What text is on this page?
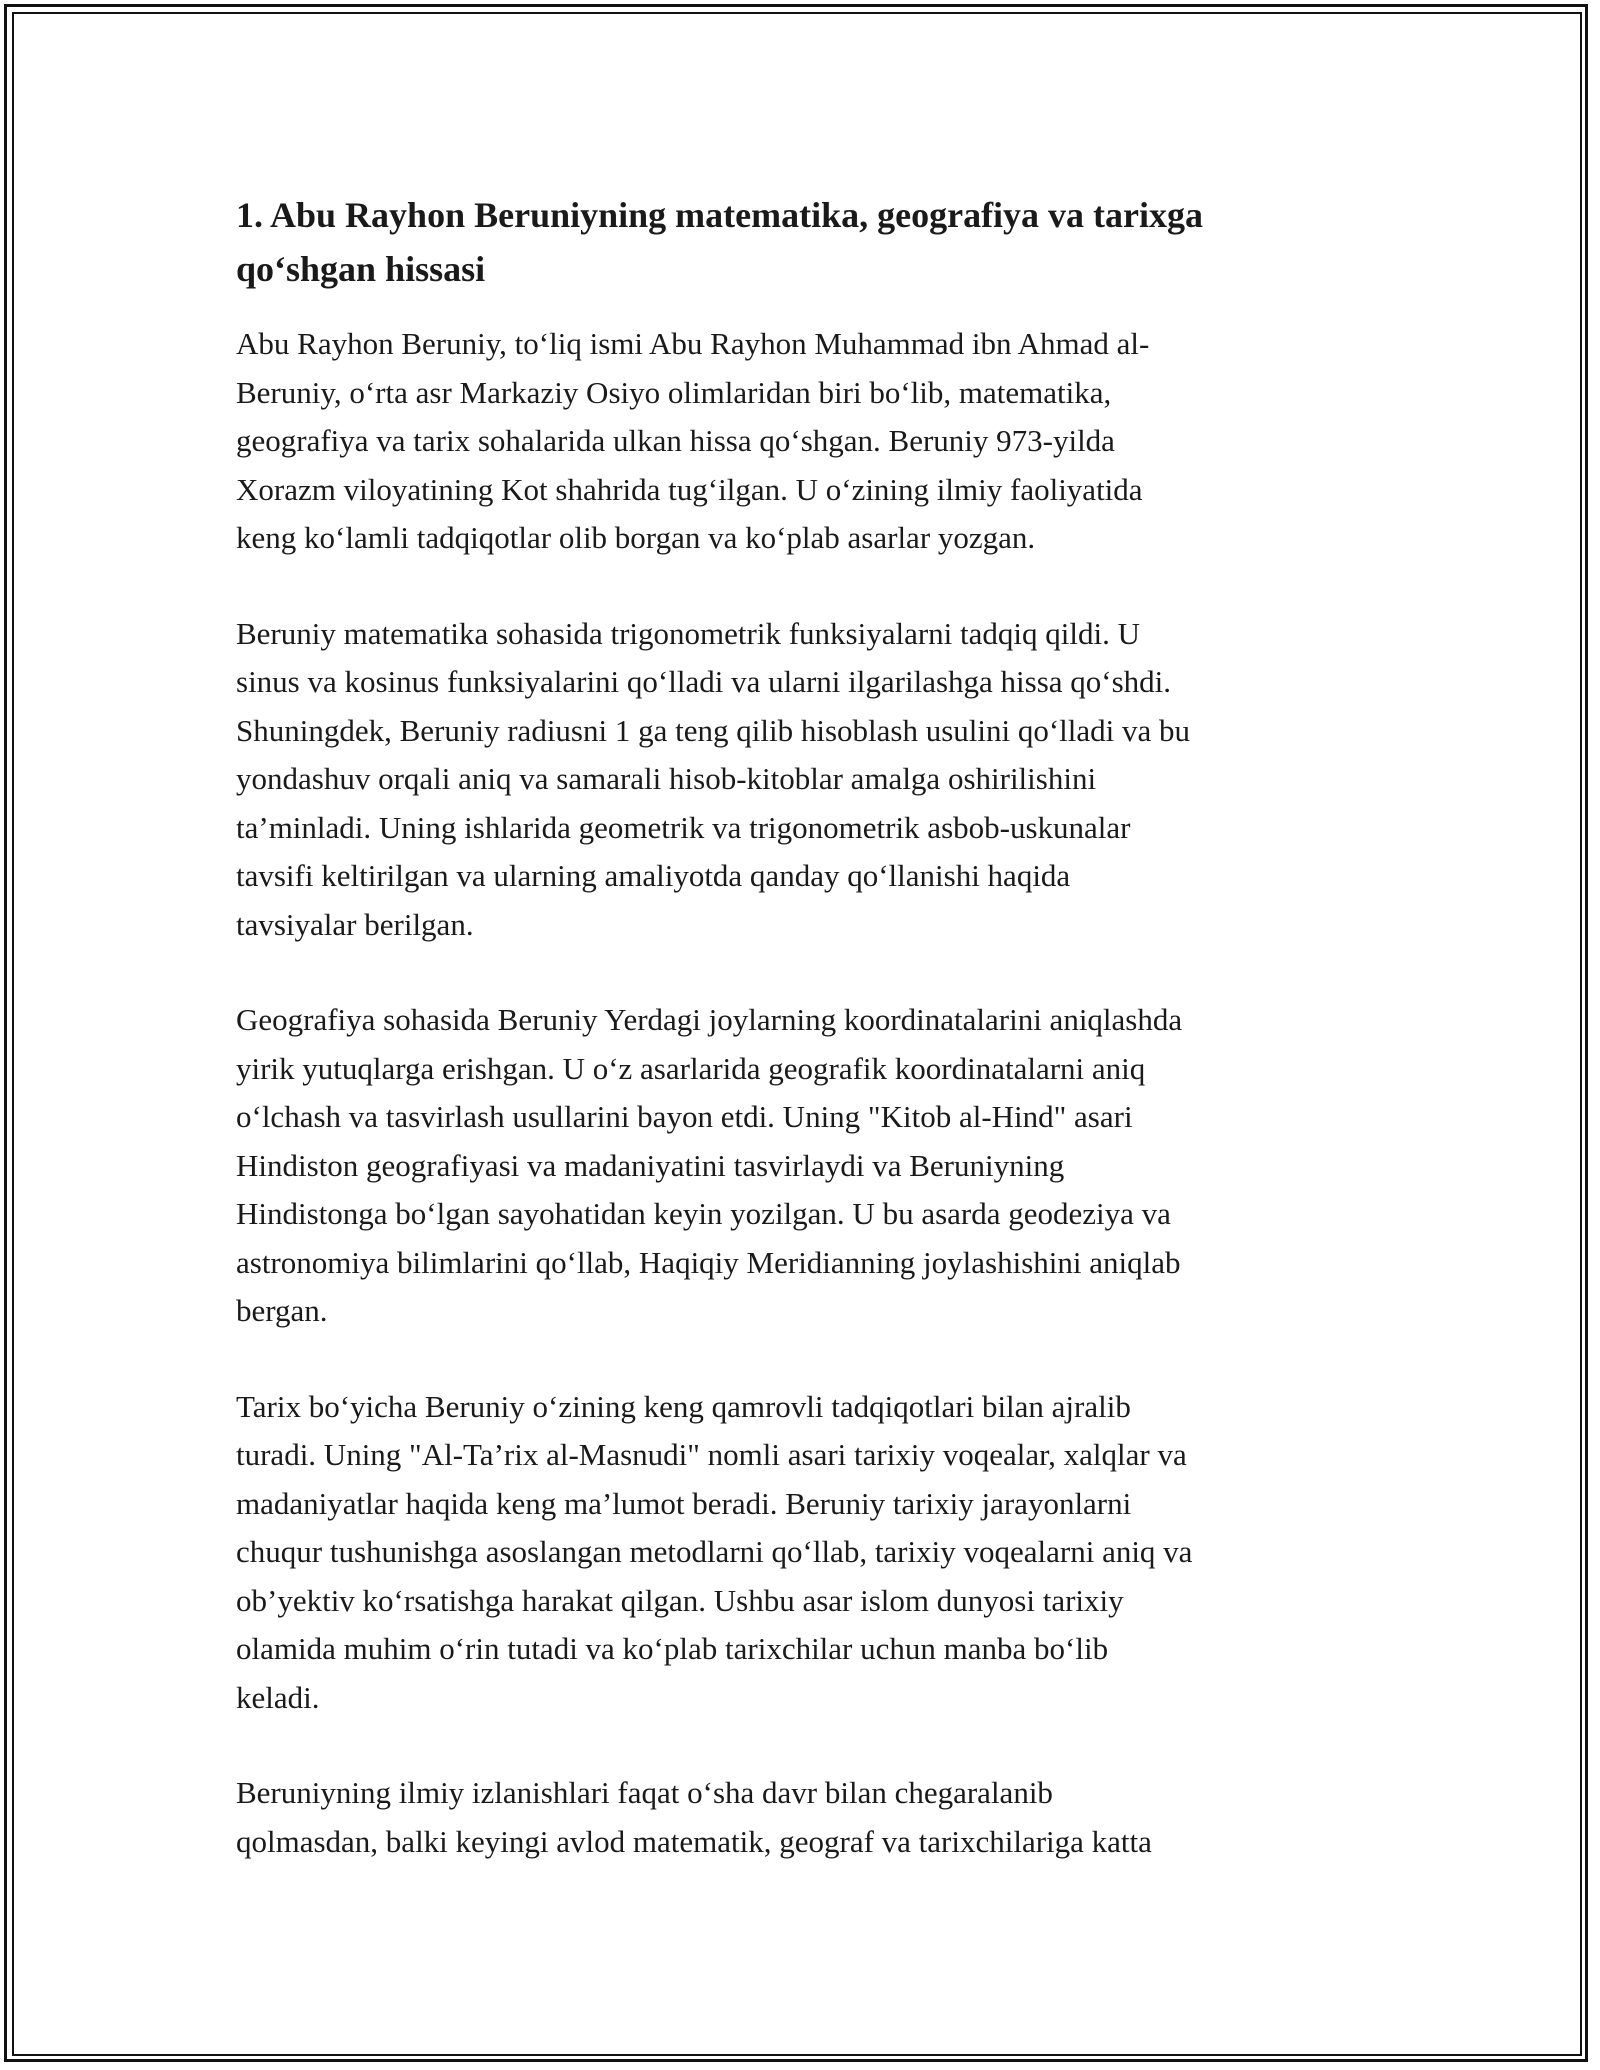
1. Abu Rayhon Beruniyning matematika, geografiya va tarixga
qo‘shgan hissasi

Abu Rayhon Beruniy, to‘liq ismi Abu Rayhon Muhammad ibn Ahmad al-
Beruniy, o‘rta asr Markaziy Osiyo olimlaridan biri bo‘lib, matematika,
geografiya va tarix sohalarida ulkan hissa qo‘shgan. Beruniy 973-yilda
Xorazm viloyatining Kot shahrida tug‘ilgan. U o‘zining ilmiy faoliyatida
keng ko‘lamli tadqiqotlar olib borgan va ko‘plab asarlar yozgan.

Beruniy matematika sohasida trigonometrik funksiyalarni tadqiq qildi. U
sinus va kosinus funksiyalarini qo‘lladi va ularni ilgarilashga hissa qo‘shdi.
Shuningdek, Beruniy radiusni 1 ga teng qilib hisoblash usulini qo‘lladi va bu
yondashuv orqali aniq va samarali hisob-kitoblar amalga oshirilishini
ta’minladi. Uning ishlarida geometrik va trigonometrik asbob-uskunalar
tavsifi keltirilgan va ularning amaliyotda qanday qo‘llanishi haqida
tavsiyalar berilgan.

Geografiya sohasida Beruniy Yerdagi joylarning koordinatalarini aniqlashda
yirik yutuqlarga erishgan. U o‘z asarlarida geografik koordinatalarni aniq
o‘lchash va tasvirlash usullarini bayon etdi. Uning "Kitob al-Hind" asari
Hindiston geografiyasi va madaniyatini tasvirlaydi va Beruniyning
Hindistonga bo‘lgan sayohatidan keyin yozilgan. U bu asarda geodeziya va
astronomiya bilimlarini qo‘llab, Haqiqiy Meridianning joylashishini aniqlab
bergan.

Tarix bo‘yicha Beruniy o‘zining keng qamrovli tadqiqotlari bilan ajralib
turadi. Uning "Al-Ta’rix al-Masnudi" nomli asari tarixiy voqealar, xalqlar va
madaniyatlar haqida keng ma’lumot beradi. Beruniy tarixiy jarayonlarni
chuqur tushunishga asoslangan metodlarni qo‘llab, tarixiy voqealarni aniq va
ob’yektiv ko‘rsatishga harakat qilgan. Ushbu asar islom dunyosi tarixiy
olamida muhim o‘rin tutadi va ko‘plab tarixchilar uchun manba bo‘lib
keladi.

Beruniyning ilmiy izlanishlari faqat o‘sha davr bilan chegaralanib
qolmasdan, balki keyingi avlod matematik, geograf va tarixchilariga katta
